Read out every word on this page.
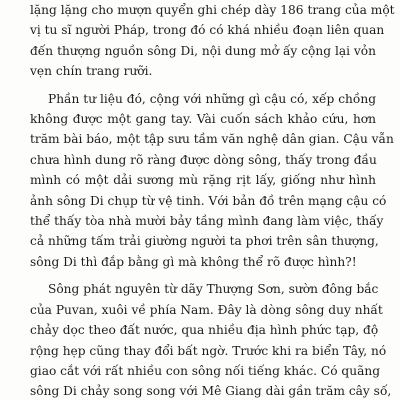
lặng lặng cho mượn quyển ghi chép dày 186 trang của một
vị tu sĩ người Pháp, trong đó có khá nhiều đoạn liên quan
đến thượng nguồn sông Di, nội dung mở ấy cộng lại vỏn
vẹn chín trang rưỡi.

Phần tư liệu đó, cộng với những gì cậu có, xếp chồng
không được một gang tay. Vài cuốn sách khảo cứu, hơn
trăm bài báo, một tập sưu tầm văn nghệ dân gian. Cậu vẫn
chưa hình dung rõ ràng được dòng sông, thấy trong đầu
mình có một dải sương mù rặng rịt lấy, giống như hình
ảnh sông Di chụp từ vệ tinh. Với bản đồ trên mạng cậu có
thể thấy tòa nhà mười bảy tầng mình đang làm việc, thấy
cả những tấm trải giường người ta phơi trên sân thượng,
sông Di thì đắp bằng gì mà không thể rõ được hình?!

Sông phát nguyên từ dãy Thượng Sơn, sườn đông bắc
của Puvan, xuôi về phía Nam. Đây là dòng sông duy nhất
chảy dọc theo đất nước, qua nhiều địa hình phức tạp, độ
rộng hẹp cũng thay đổi bất ngờ. Trước khi ra biển Tây, nó
giao cắt với rất nhiều con sông nối tiếng khác. Có quãng
sông Di chảy song song với Mê Giang dài gần trăm cây số,
